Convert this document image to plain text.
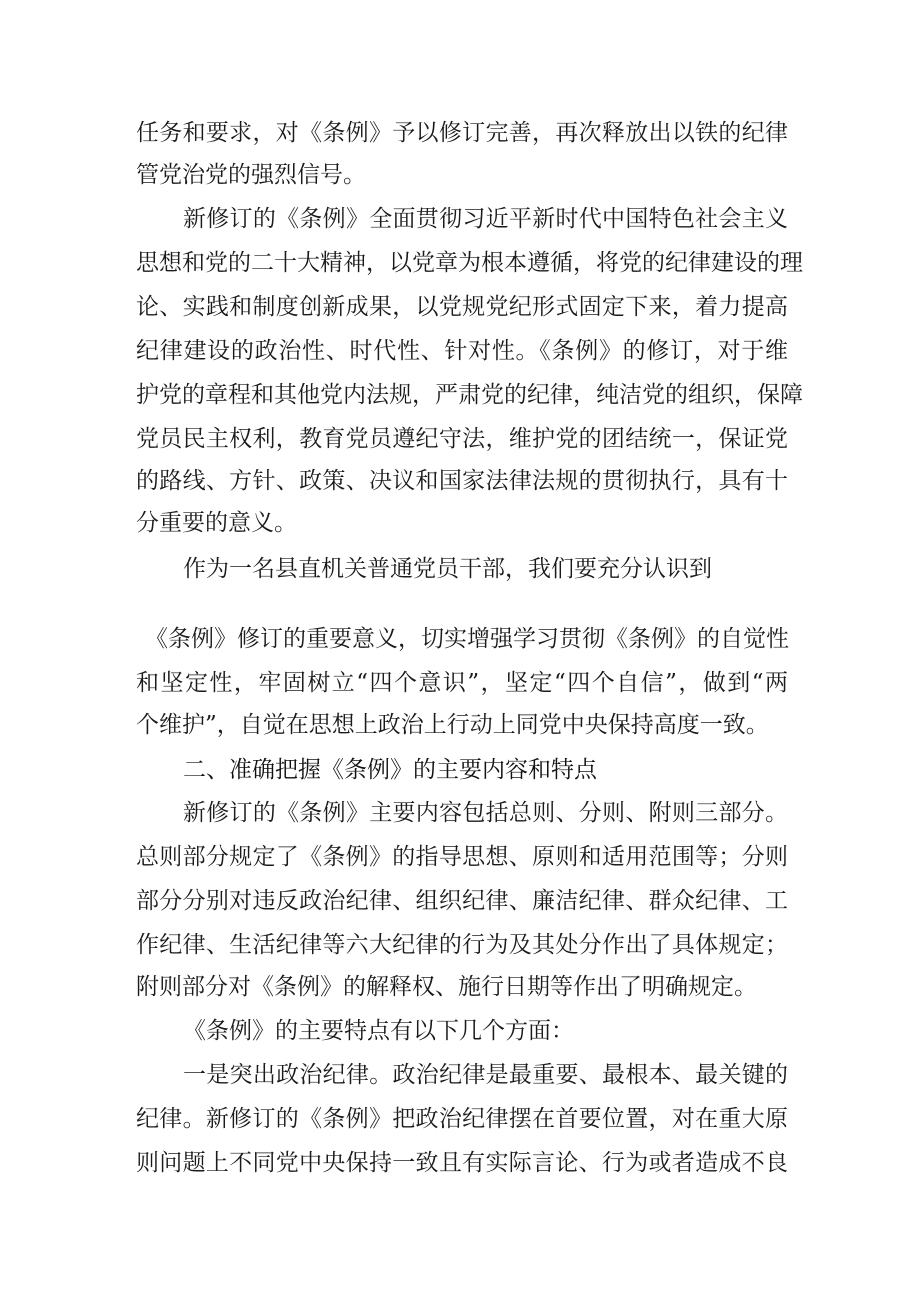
任务和要求，对《条例》予以修订完善，再次释放出以铁的纪律
管党治党的强烈信号。
新修订的《条例》全面贯彻习近平新时代中国特色社会主义
思想和党的二十大精神，以党章为根本遵循，将党的纪律建设的理
论、实践和制度创新成果，以党规党纪形式固定下来，着力提高
纪律建设的政治性、时代性、针对性。《条例》的修订，对于维
护党的章程和其他党内法规，严肃党的纪律，纯洁党的组织，保障
党员民主权利，教育党员遵纪守法，维护党的团结统一，保证党
的路线、方针、政策、决议和国家法律法规的贯彻执行，具有十
分重要的意义。
作为一名县直机关普通党员干部，我们要充分认识到
《条例》修订的重要意义，切实增强学习贯彻《条例》的自觉性
和坚定性，牢固树立“四个意识”，坚定“四个自信”，做到“两
个维护”，自觉在思想上政治上行动上同党中央保持高度一致。
二、准确把握《条例》的主要内容和特点
新修订的《条例》主要内容包括总则、分则、附则三部分。
总则部分规定了《条例》的指导思想、原则和适用范围等；分则
部分分别对违反政治纪律、组织纪律、廉洁纪律、群众纪律、工
作纪律、生活纪律等六大纪律的行为及其处分作出了具体规定；
附则部分对《条例》的解释权、施行日期等作出了明确规定。
《条例》的主要特点有以下几个方面：
一是突出政治纪律。政治纪律是最重要、最根本、最关键的
纪律。新修订的《条例》把政治纪律摆在首要位置，对在重大原
则问题上不同党中央保持一致且有实际言论、行为或者造成不良
